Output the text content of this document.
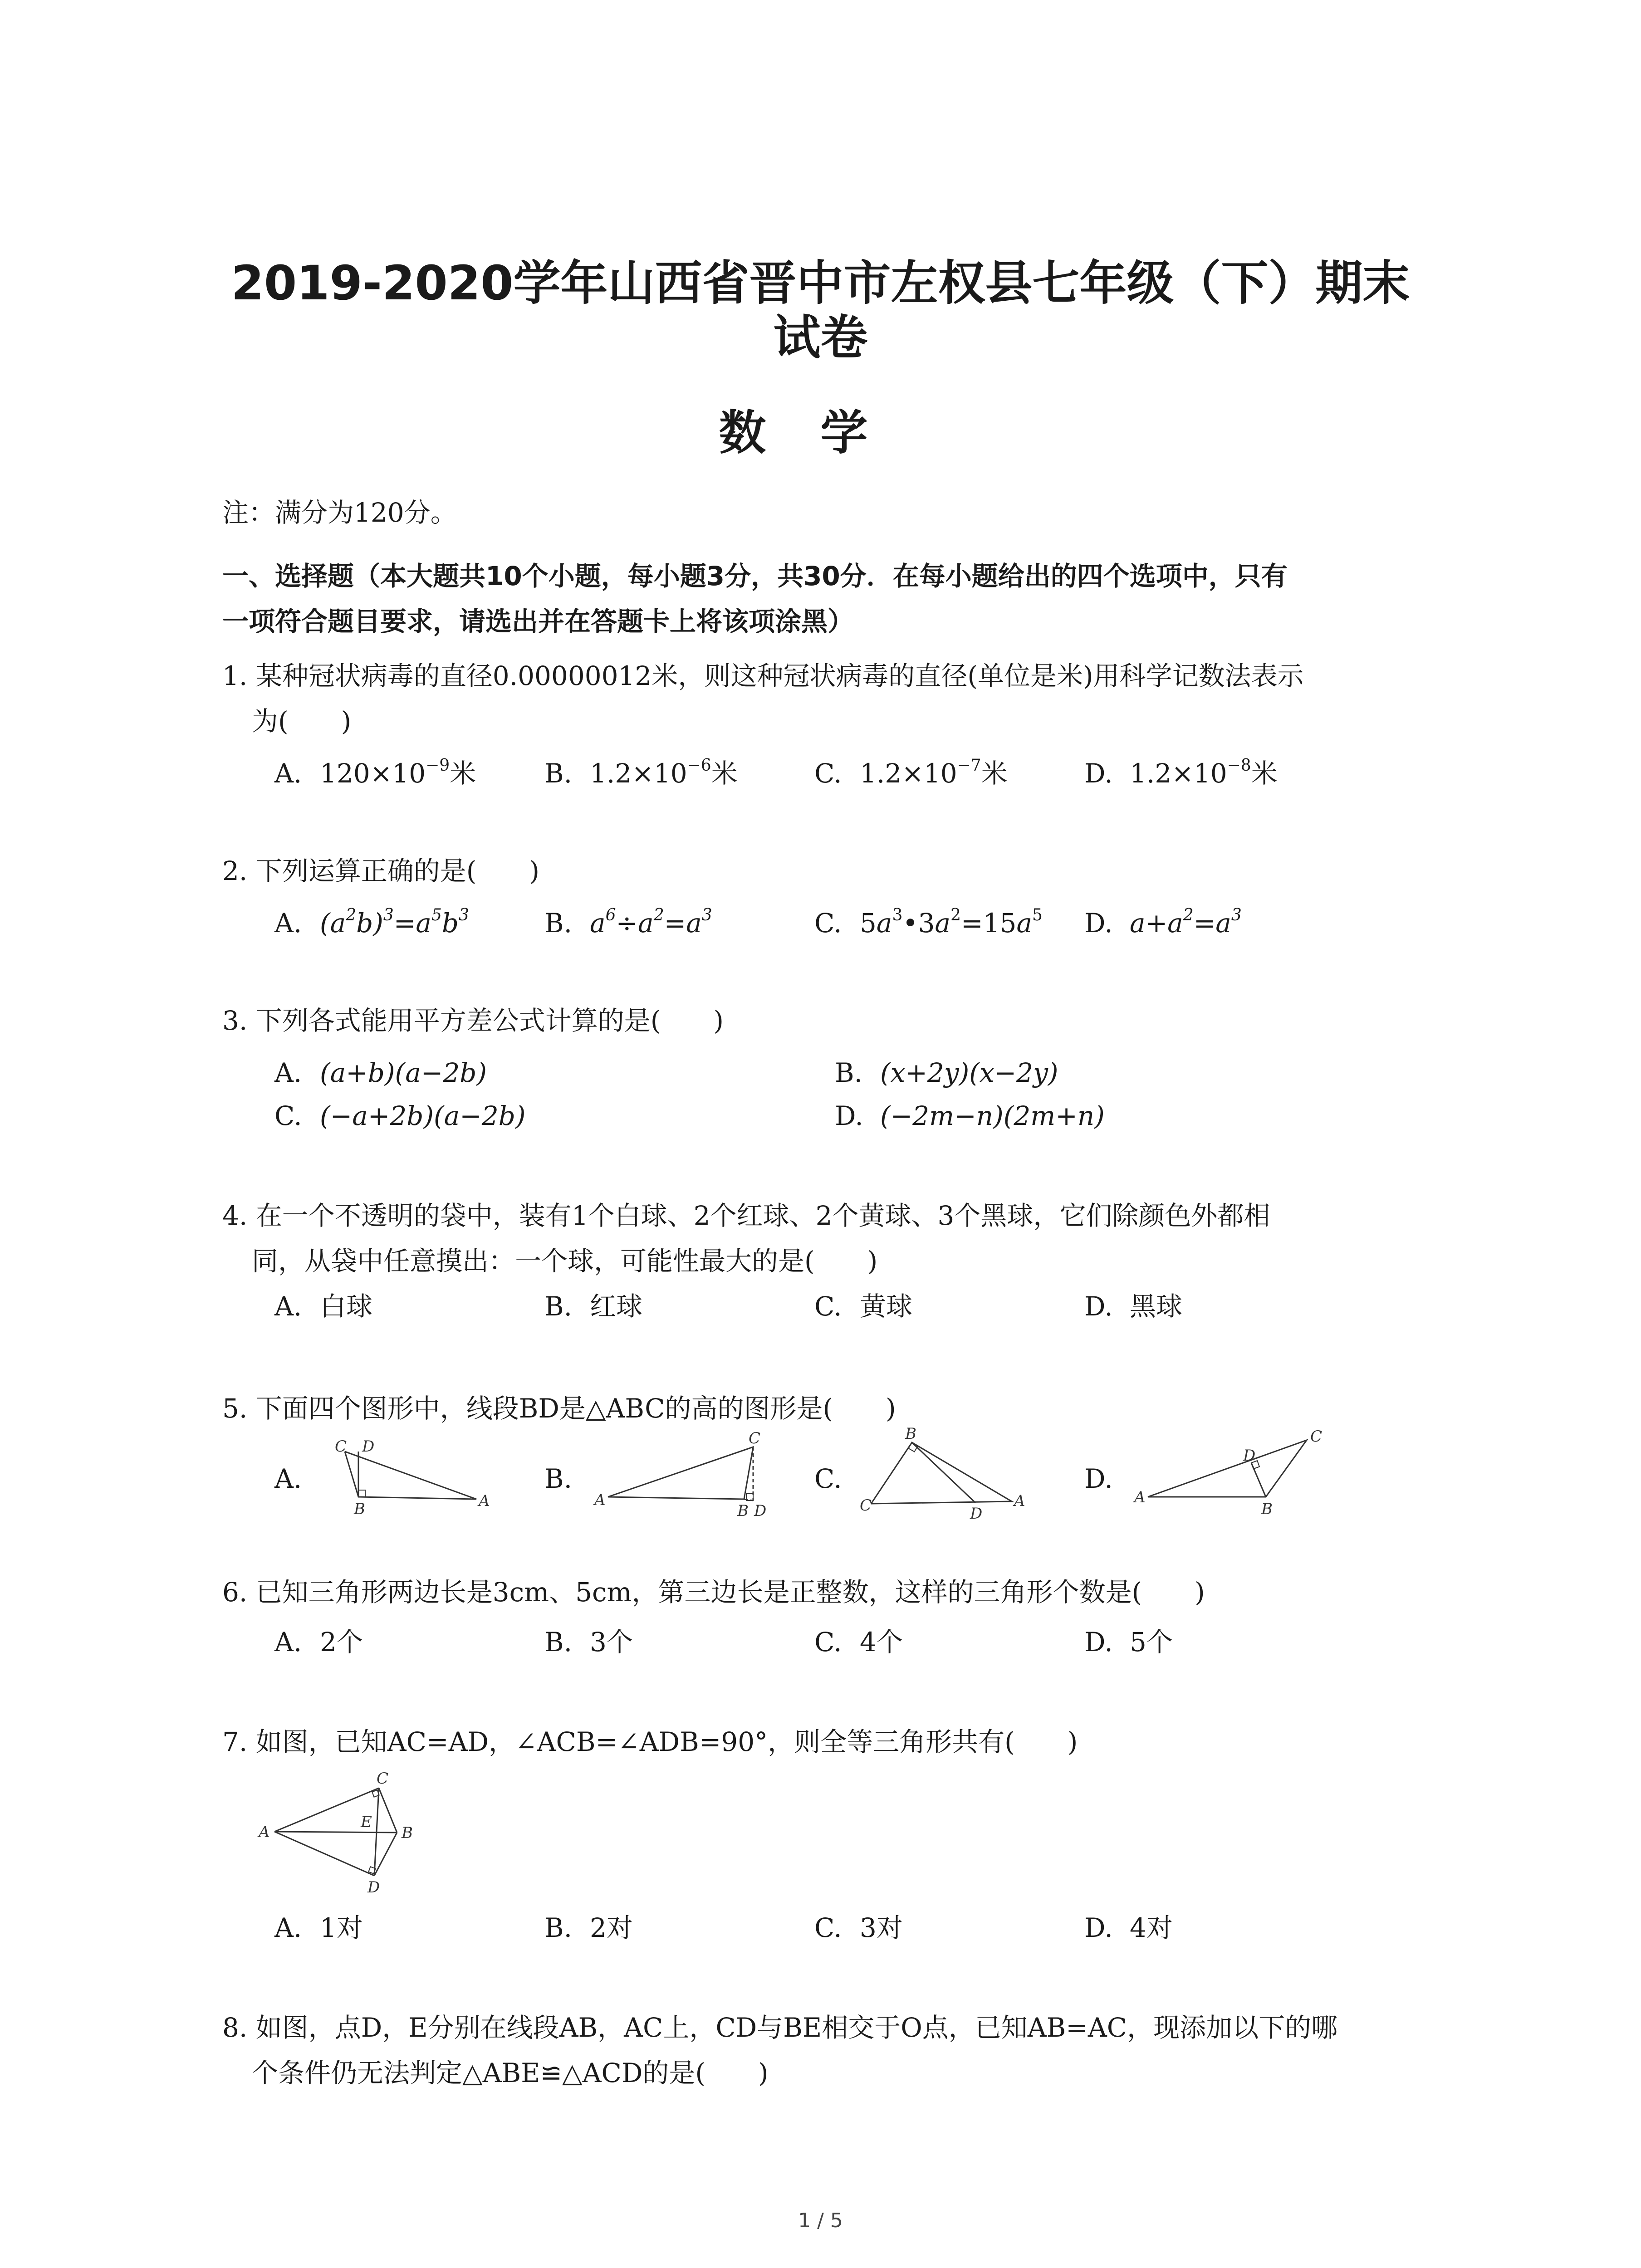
2019-2020学年山西省晋中市左权县七年级（下）期末
试卷
数学
注：满分为120分。
一、选择题（本大题共10个小题，每小题3分，共30分．在每小题给出的四个选项中，只有
一项符合题目要求，请选出并在答题卡上将该项涂黑）
1. 某种冠状病毒的直径0.00000012米，则这种冠状病毒的直径(单位是米)用科学记数法表示
为(　　)
A. $120\times 10^{-9}$米	B. $1.2\times 10^{-6}$米	C. $1.2\times 10^{-7}$米	D. $1.2\times 10^{-8}$米
2. 下列运算正确的是(　　)
A. $(a^2b)^3=a^5b^3$	B. $a^6\div a^2=a^3$	C. $5a^3•3a^2=15a^5$ D. $a+a^2=a^3$
3. 下列各式能用平方差公式计算的是(　　)
A. (a+b)(a−2b)	B. (x+2y)(x−2y)
C. (−a+2b)(a−2b)	D. (−2m−n)(2m+n)
4. 在一个不透明的袋中，装有1个白球、2个红球、2个黄球、3个黑球，它们除颜色外都相
同，从袋中任意摸出：一个球，可能性最大的是(　　)
A. 白球	B. 红球	C. 黄球	D. 黑球
5. 下面四个图形中，线段BD是△ABC的高的图形是(　　)
A.	B.	C.	D.
C D
B	A	A
B
C
D
B
C	D
A	A
D
C
B
6. 已知三角形两边长是3cm、5cm，第三边长是正整数，这样的三角形个数是(　　)
A. 2个	B. 3个	C. 4个	D. 5个
7. 如图，已知AC=AD，∠ACB=∠ADB=90°，则全等三角形共有(　　)
A	B
C
D
E
A. 1对	B. 2对	C. 3对	D. 4对
8. 如图，点D，E分别在线段AB，AC上，CD与BE相交于O点，已知AB=AC，现添加以下的哪
个条件仍无法判定△ABE≌△ACD的是(　　)
1 / 5
